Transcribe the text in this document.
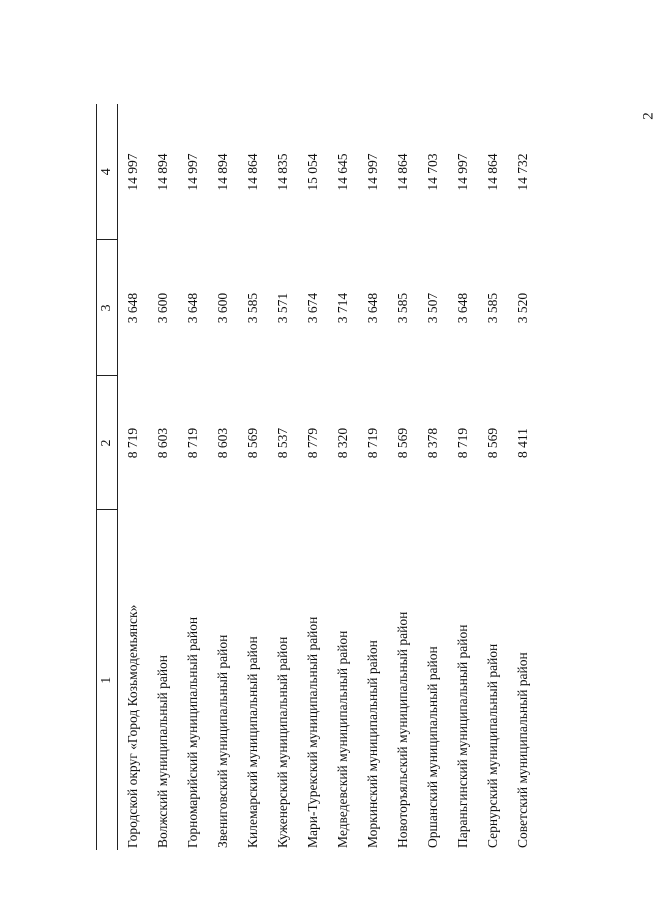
2
1	2	3	4
Городской округ «Город Козьмодемьянск»	8 719	3 648	14 997
Волжский муниципальный район	8 603	3 600	14 894
Горномарийский муниципальный район	8 719	3 648	14 997
Звениговский муниципальный район	8 603	3 600	14 894
Килемарский муниципальный район	8 569	3 585	14 864
Куженерский муниципальный район	8 537	3 571	14 835
Мари-Турекский муниципальный район	8 779	3 674	15 054
Медведевский муниципальный район	8 320	3 714	14 645
Моркинский муниципальный район	8 719	3 648	14 997
Новоторъяльский муниципальный район	8 569	3 585	14 864
Оршанский муниципальный район	8 378	3 507	14 703
Параньгинский муниципальный район	8 719	3 648	14 997
Сернурский муниципальный район	8 569	3 585	14 864
Советский муниципальный район	8 411	3 520	14 732
